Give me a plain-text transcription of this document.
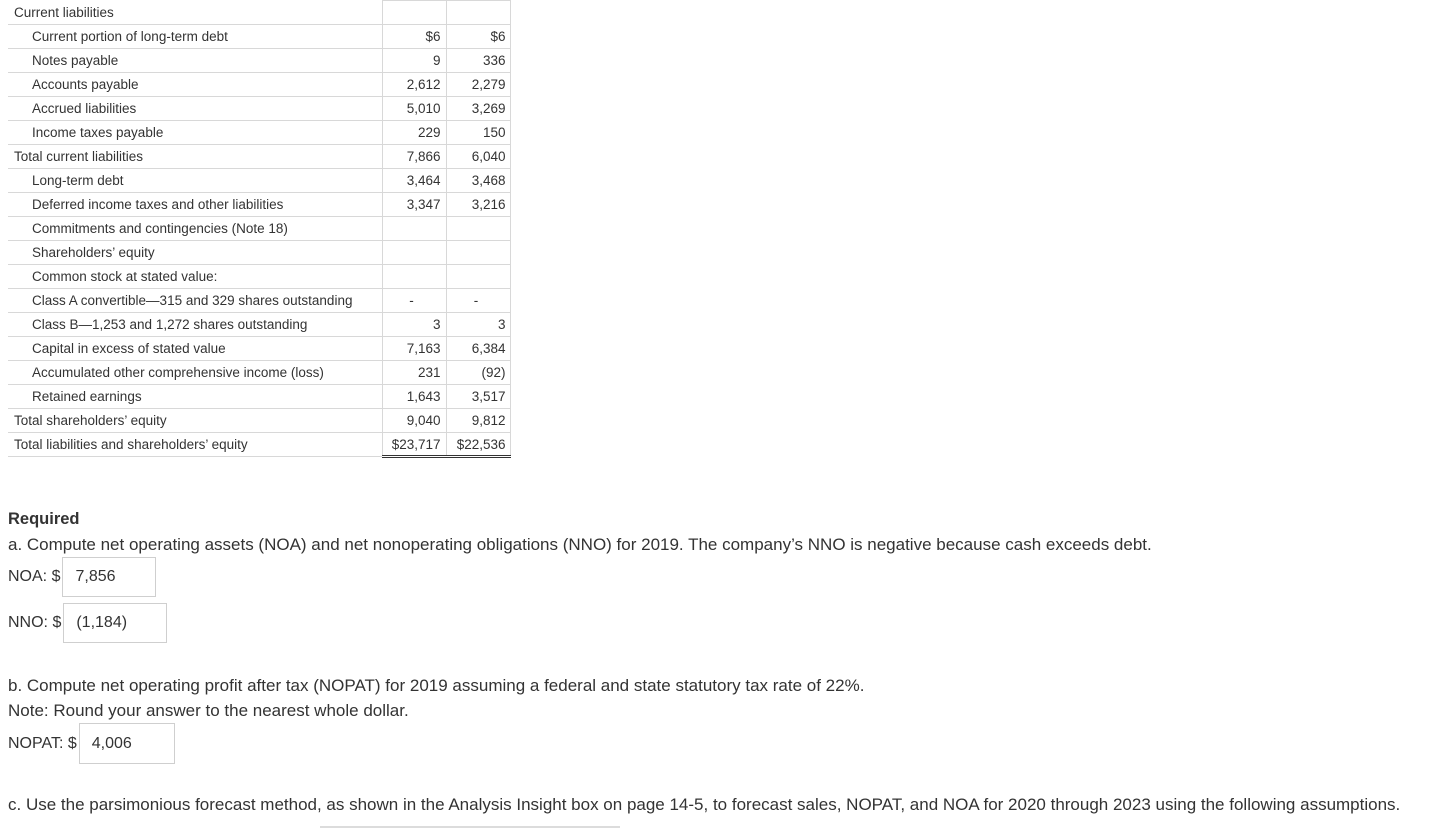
Current liabilities		
Current portion of long-term debt	$6	$6
Notes payable	9	336
Accounts payable	2,612	2,279
Accrued liabilities	5,010	3,269
Income taxes payable	229	150
Total current liabilities	7,866	6,040
Long-term debt	3,464	3,468
Deferred income taxes and other liabilities	3,347	3,216
Commitments and contingencies (Note 18)		
Shareholders’ equity		
Common stock at stated value:		
Class A convertible—315 and 329 shares outstanding	-	-
Class B—1,253 and 1,272 shares outstanding	3	3
Capital in excess of stated value	7,163	6,384
Accumulated other comprehensive income (loss)	231	(92)
Retained earnings	1,643	3,517
Total shareholders’ equity	9,040	9,812
Total liabilities and shareholders’ equity	$23,717	$22,536
Required
a. Compute net operating assets (NOA) and net nonoperating obligations (NNO) for 2019. The company’s NNO is negative because cash exceeds debt.
NOA: $
7,856
NNO: $
(1,184)
b. Compute net operating profit after tax (NOPAT) for 2019 assuming a federal and state statutory tax rate of 22%.
Note: Round your answer to the nearest whole dollar.
NOPAT: $
4,006
c. Use the parsimonious forecast method, as shown in the Analysis Insight box on page 14-5, to forecast sales, NOPAT, and NOA for 2020 through 2023 using the following assumptions.
